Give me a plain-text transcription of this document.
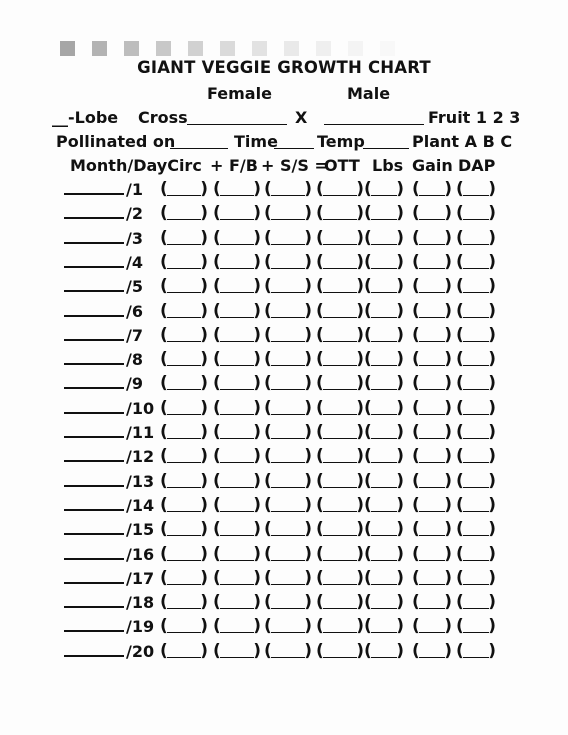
GIANT VEGGIE GROWTH CHART
Female	Male
__-Lobe Cross	X	Fruit 1 2 3
Pollinated on	Time Temp	Plant A B C
Month/DayCirc + F/B + S/S =
OTT Lbs Gain DAP
/1 ( ) ( ) ( ) ( ) ( ) ( ) ( )
/2 ( ) ( ) ( ) ( ) ( ) ( ) ( )
/3 ( ) ( ) ( ) ( ) ( ) ( ) ( )
/4 ( ) ( ) ( ) ( ) ( ) ( ) ( )
/5 ( ) ( ) ( ) ( ) ( ) ( ) ( )
/6 ( ) ( ) ( ) ( ) ( ) ( ) ( )
/7 ( ) ( ) ( ) ( ) ( ) ( ) ( )
/8 ( ) ( ) ( ) ( ) ( ) ( ) ( )
/9 ( ) ( ) ( ) ( ) ( ) ( ) ( )
/10 ( ) ( ) ( ) ( ) ( ) ( ) ( )
/11 ( ) ( ) ( ) ( ) ( ) ( ) ( )
/12 ( ) ( ) ( ) ( ) ( ) ( ) ( )
/13 ( ) ( ) ( ) ( ) ( ) ( ) ( )
/14 ( ) ( ) ( ) ( ) ( ) ( ) ( )
/15 ( ) ( ) ( ) ( ) ( ) ( ) ( )
/16 ( ) ( ) ( ) ( ) ( ) ( ) ( )
/17 ( ) ( ) ( ) ( ) ( ) ( ) ( )
/18 ( ) ( ) ( ) ( ) ( ) ( ) ( )
/19 ( ) ( ) ( ) ( ) ( ) ( ) ( )
/20 ( ) ( ) ( ) ( ) ( ) ( ) ( )
